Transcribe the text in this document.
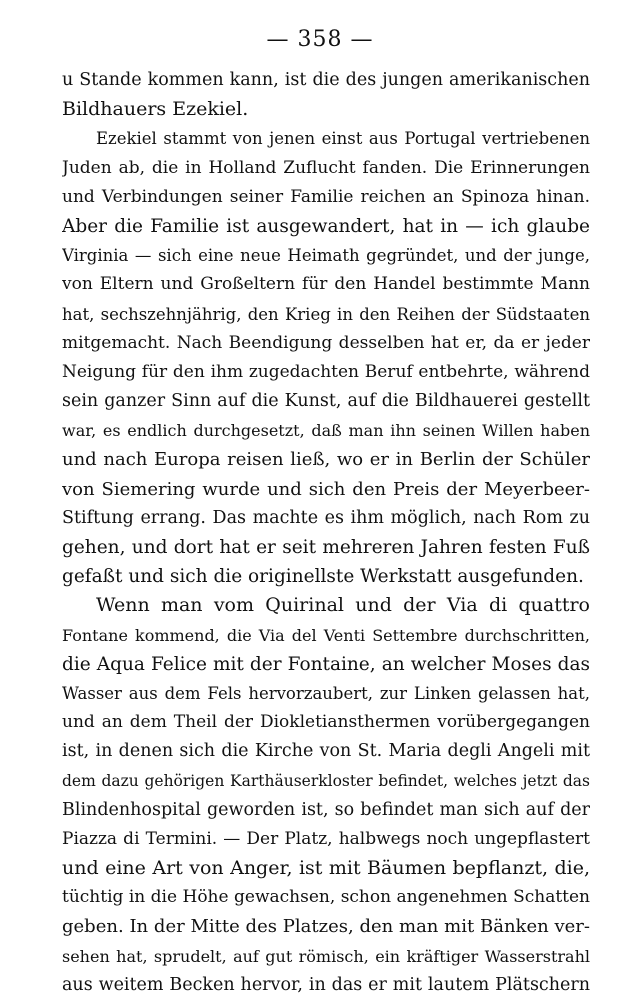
— 358 —
u Stande kommen kann, ist die des jungen amerikanischen
Bildhauers Ezekiel.
Ezekiel stammt von jenen einst aus Portugal vertriebenen
Juden ab, die in Holland Zuflucht fanden. Die Erinnerungen
und Verbindungen seiner Familie reichen an Spinoza hinan.
Aber die Familie ist ausgewandert, hat in — ich glaube
Virginia — sich eine neue Heimath gegründet, und der junge,
von Eltern und Großeltern für den Handel bestimmte Mann
hat, sechszehnjährig, den Krieg in den Reihen der Südstaaten
mitgemacht. Nach Beendigung desselben hat er, da er jeder
Neigung für den ihm zugedachten Beruf entbehrte, während
sein ganzer Sinn auf die Kunst, auf die Bildhauerei gestellt
war, es endlich durchgesetzt, daß man ihn seinen Willen haben
und nach Europa reisen ließ, wo er in Berlin der Schüler
von Siemering wurde und sich den Preis der Meyerbeer-
Stiftung errang. Das machte es ihm möglich, nach Rom zu
gehen, und dort hat er seit mehreren Jahren festen Fuß
gefaßt und sich die originellste Werkstatt ausgefunden.
Wenn man vom Quirinal und der Via di quattro
Fontane kommend, die Via del Venti Settembre durchschritten,
die Aqua Felice mit der Fontaine, an welcher Moses das
Wasser aus dem Fels hervorzaubert, zur Linken gelassen hat,
und an dem Theil der Diokletiansthermen vorübergegangen
ist, in denen sich die Kirche von St. Maria degli Angeli mit
dem dazu gehörigen Karthäuserkloster befindet, welches jetzt das
Blindenhospital geworden ist, so befindet man sich auf der
Piazza di Termini. — Der Platz, halbwegs noch ungepflastert
und eine Art von Anger, ist mit Bäumen bepflanzt, die,
tüchtig in die Höhe gewachsen, schon angenehmen Schatten
geben. In der Mitte des Platzes, den man mit Bänken ver-
sehen hat, sprudelt, auf gut römisch, ein kräftiger Wasserstrahl
aus weitem Becken hervor, in das er mit lautem Plätschern
